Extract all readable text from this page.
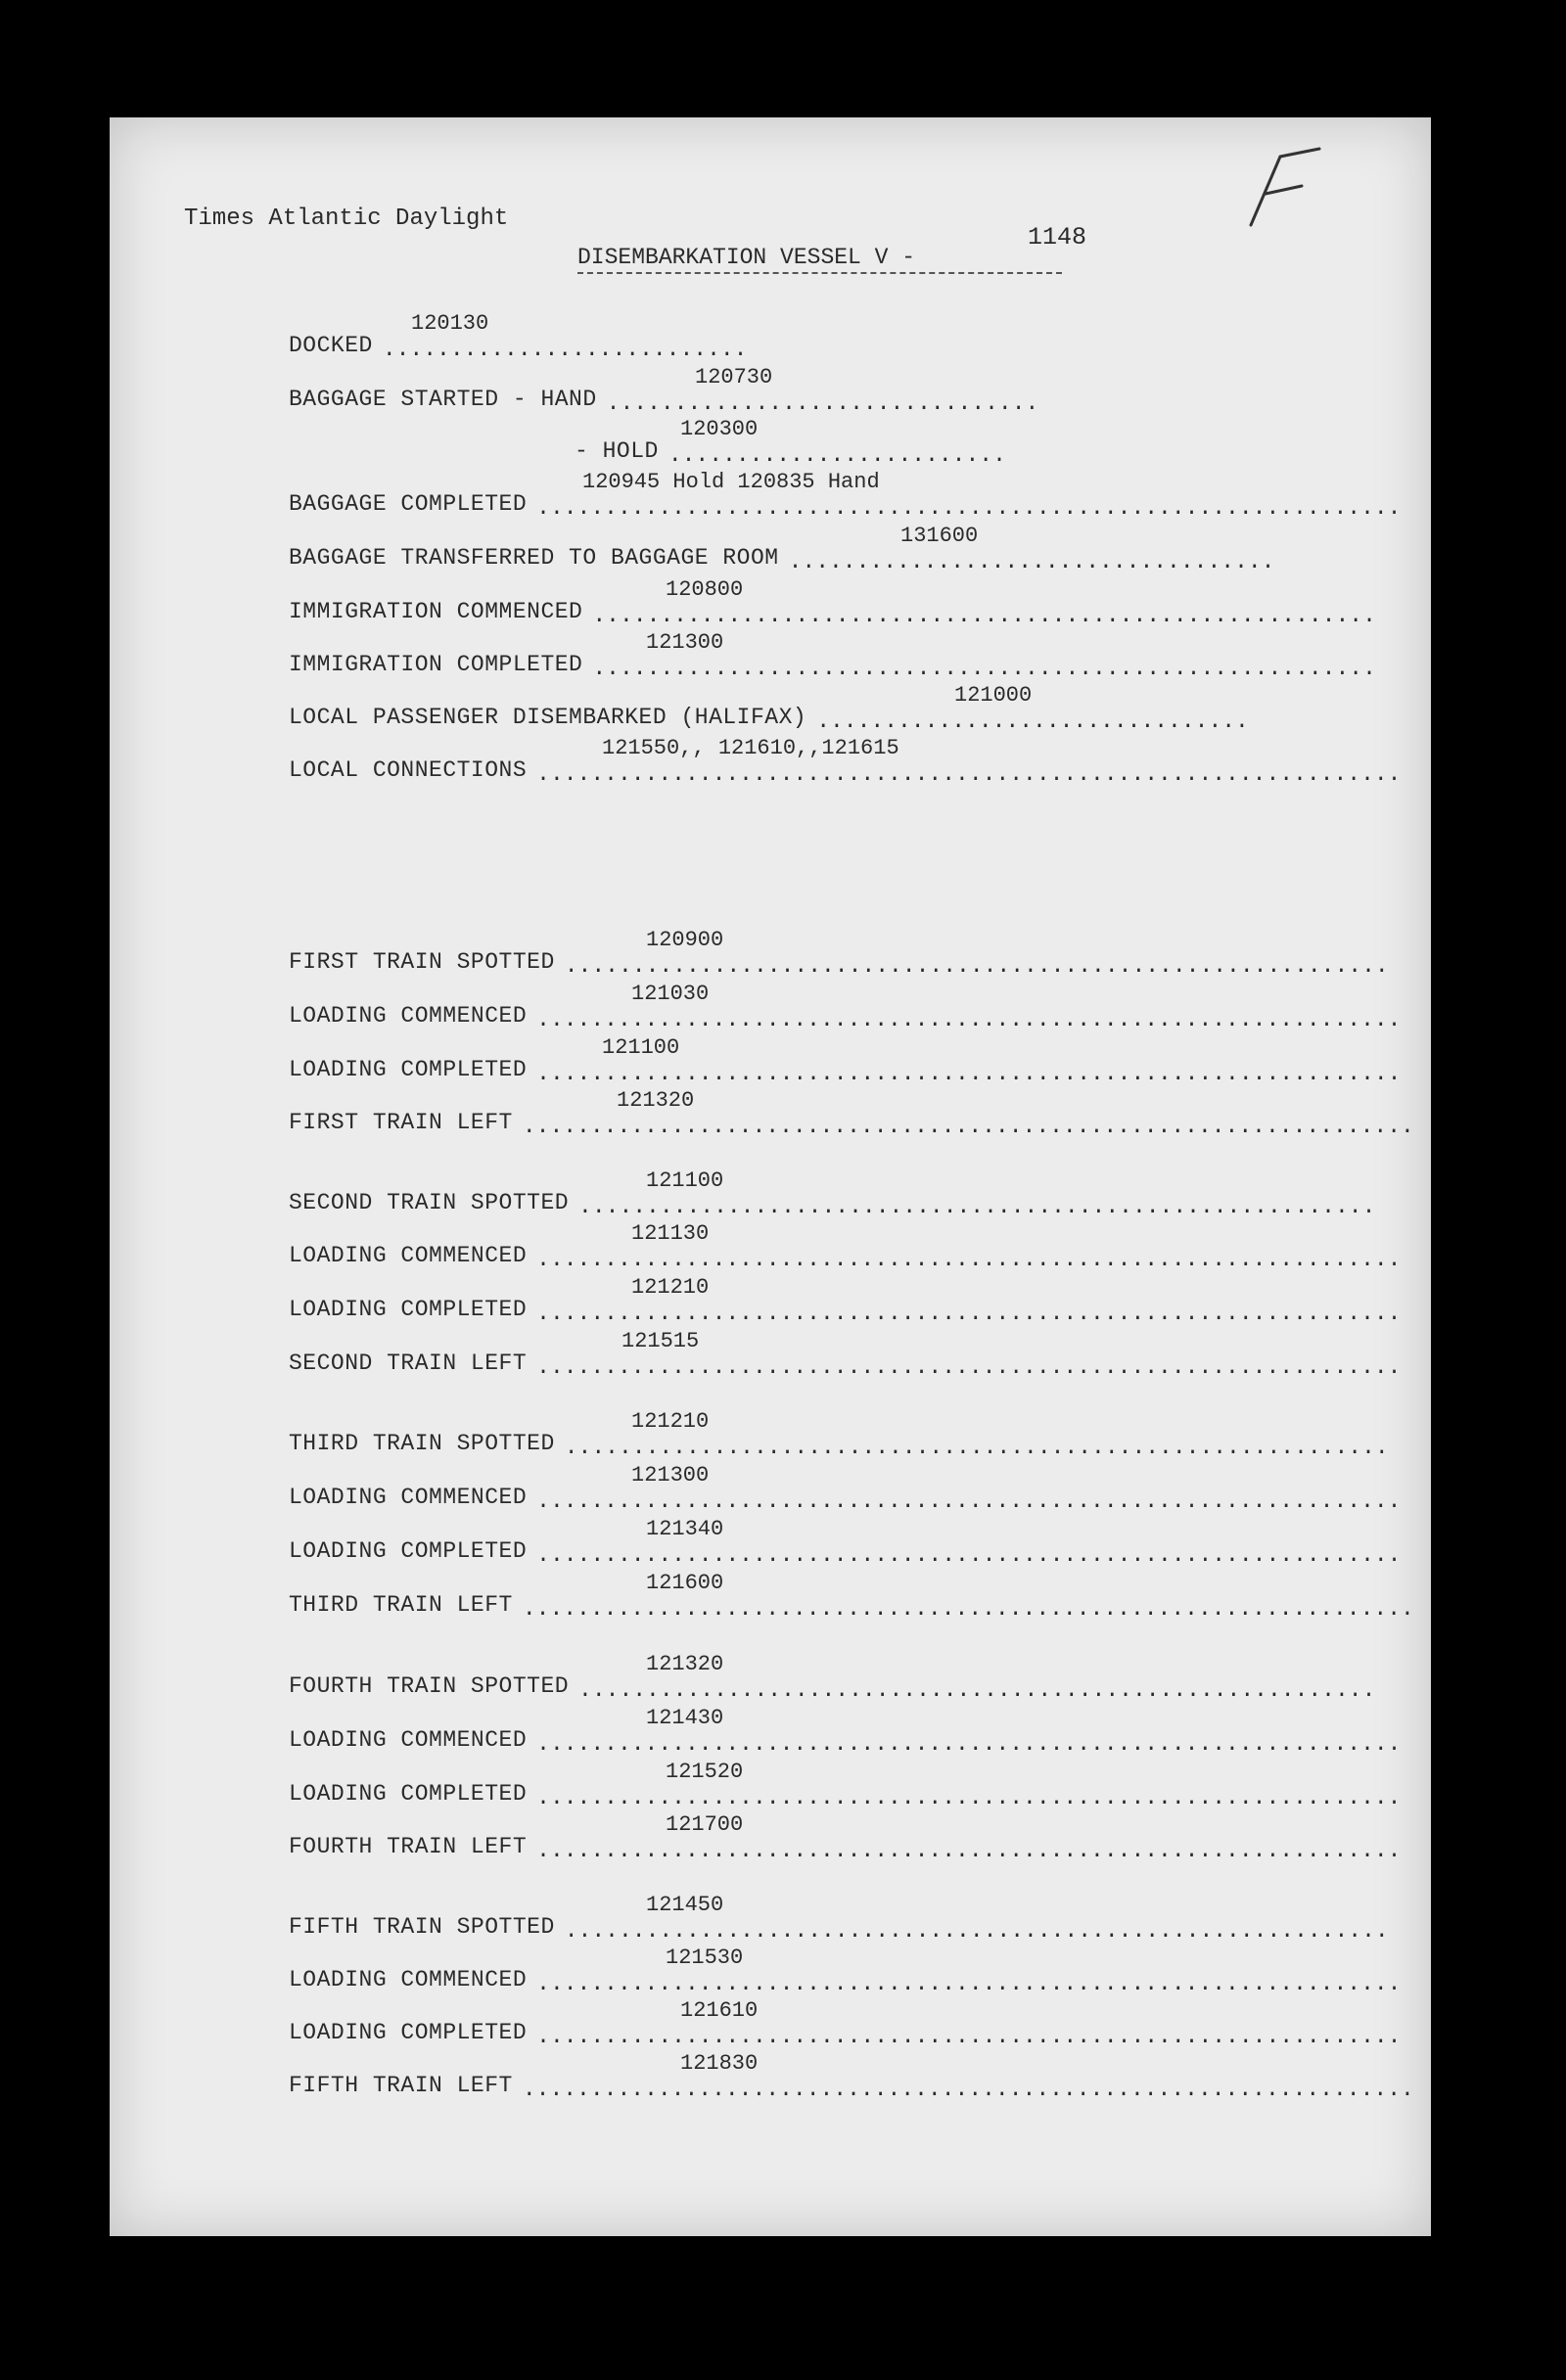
Times Atlantic Daylight
DISEMBARKATION VESSEL V -
1148
DOCKED ...........................
120130
BAGGAGE STARTED - HAND ................................
120730
- HOLD .........................
120300
BAGGAGE COMPLETED ................................................................
120945 Hold 120835 Hand
BAGGAGE TRANSFERRED TO BAGGAGE ROOM ....................................
131600
IMMIGRATION COMMENCED ..........................................................
120800
IMMIGRATION COMPLETED ..........................................................
121300
LOCAL PASSENGER DISEMBARKED (HALIFAX) ................................
121000
LOCAL CONNECTIONS ................................................................
121550,, 121610,,121615
FIRST TRAIN SPOTTED .............................................................
120900
LOADING COMMENCED ................................................................
121030
LOADING COMPLETED ................................................................
121100
FIRST TRAIN LEFT ..................................................................
121320
SECOND TRAIN SPOTTED ...........................................................
121100
LOADING COMMENCED ................................................................
121130
LOADING COMPLETED ................................................................
121210
SECOND TRAIN LEFT ................................................................
121515
THIRD TRAIN SPOTTED .............................................................
121210
LOADING COMMENCED ................................................................
121300
LOADING COMPLETED ................................................................
121340
THIRD TRAIN LEFT ..................................................................
121600
FOURTH TRAIN SPOTTED ...........................................................
121320
LOADING COMMENCED ................................................................
121430
LOADING COMPLETED ................................................................
121520
FOURTH TRAIN LEFT ................................................................
121700
FIFTH TRAIN SPOTTED .............................................................
121450
LOADING COMMENCED ................................................................
121530
LOADING COMPLETED ................................................................
121610
FIFTH TRAIN LEFT ..................................................................
121830
